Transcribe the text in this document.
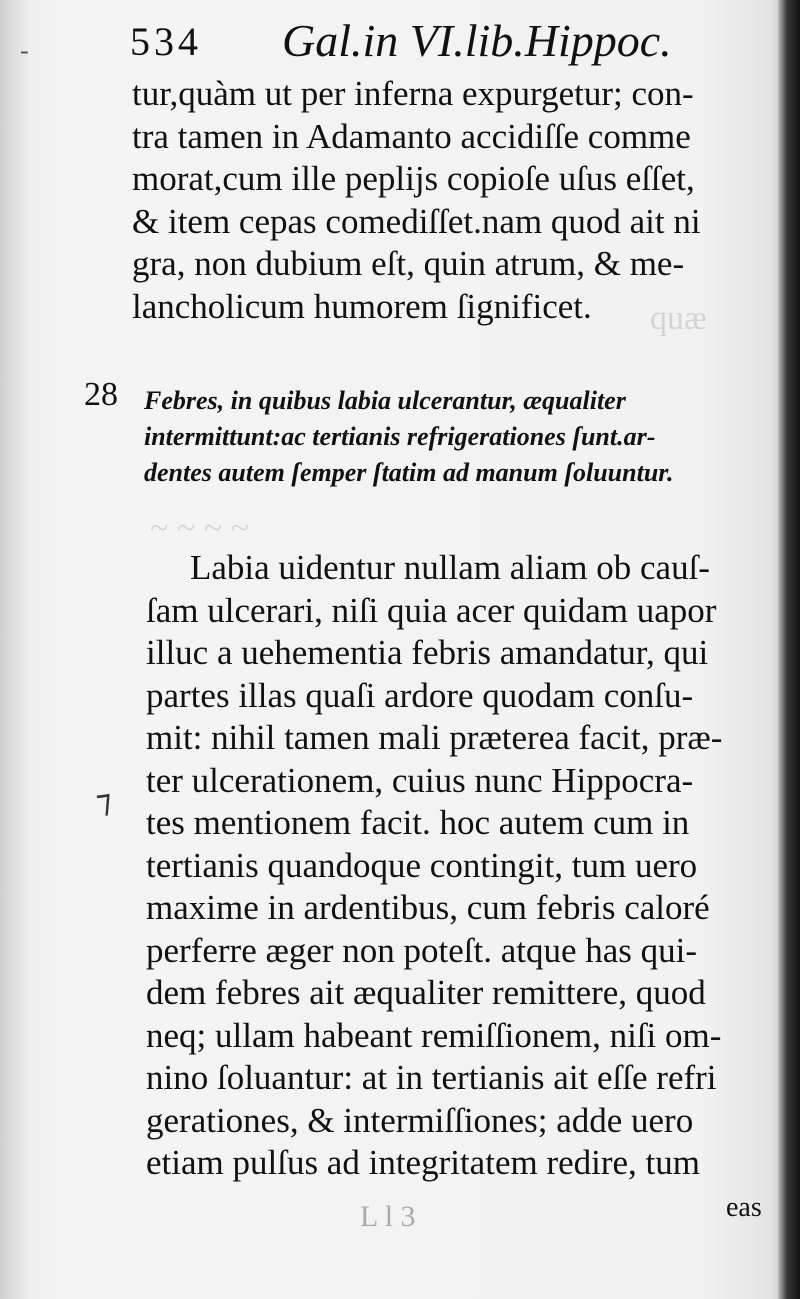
quæ
~ ~ ~ ~
-	534 Gal.in VI.lib.Hippoc.
tur,quàm ut per inferna expurgetur; con-
tra tamen in Adamanto accidiſſe comme
morat,cum ille peplijs copioſe uſus eſſet,
& item cepas comediſſet.nam quod ait ni
gra, non dubium eſt, quin atrum, & me-
lancholicum humorem ſignificet.
28 Febres, in quibus labia ulcerantur, æqualiter
intermittunt:ac tertianis refrigerationes ſunt.ar-
dentes autem ſemper ſtatim ad manum ſoluuntur.
Labia uidentur nullam aliam ob cauſ-
ſam ulcerari, niſi quia acer quidam uapor
illuc a uehementia febris amandatur, qui
partes illas quaſi ardore quodam conſu-
mit: nihil tamen mali præterea facit, præ-
ter ulcerationem, cuius nunc Hippocra-
tes mentionem facit. hoc autem cum in
tertianis quandoque contingit, tum uero
maxime in ardentibus, cum febris caloré
perferre æger non poteſt. atque has qui-
dem febres ait æqualiter remittere, quod
neq; ullam habeant remiſſionem, niſi om-
nino ſoluantur: at in tertianis ait eſſe refri
gerationes, & intermiſſiones; adde uero
etiam pulſus ad integritatem redire, tum
⁊
L l 3	eas
